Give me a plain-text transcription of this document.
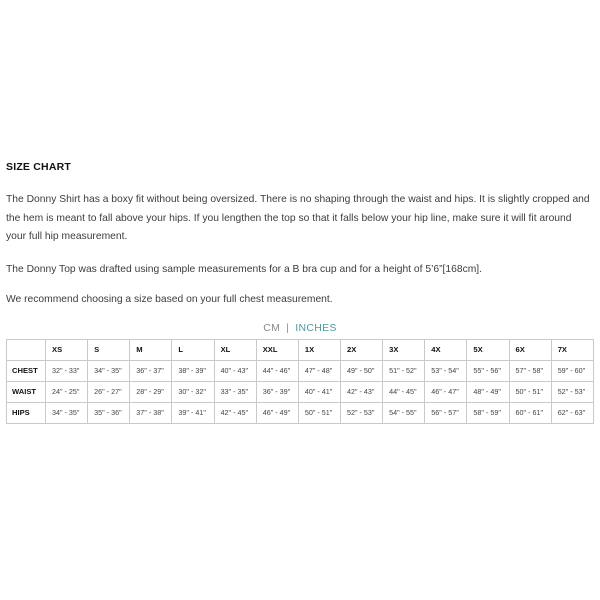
SIZE CHART

The Donny Shirt has a boxy fit without being oversized. There is no shaping through the waist and hips. It is slightly cropped and the hem is meant to fall above your hips. If you lengthen the top so that it falls below your hip line, make sure it will fit around your full hip measurement.

The Donny Top was drafted using sample measurements for a B bra cup and for a height of 5’6”[168cm].

We recommend choosing a size based on your full chest measurement.

CM | INCHES
	XS	S	M	L	XL	XXL	1X	2X	3X	4X	5X	6X	7X
CHEST	32" - 33"	34" - 35"	36" - 37"	38" - 39"	40" - 43"	44" - 46"	47" - 48"	49" - 50"	51" - 52"	53" - 54"	55" - 56"	57" - 58"	59" - 60"
WAIST	24" - 25"	26" - 27"	28" - 29"	30" - 32"	33" - 35"	36" - 39"	40" - 41"	42" - 43"	44" - 45"	46" - 47"	48" - 49"	50" - 51"	52" - 53"
HIPS	34" - 35"	35" - 36"	37" - 38"	39" - 41"	42" - 45"	46" - 49"	50" - 51"	52" - 53"	54" - 55"	56" - 57"	58" - 59"	60" - 61"	62" - 63"
